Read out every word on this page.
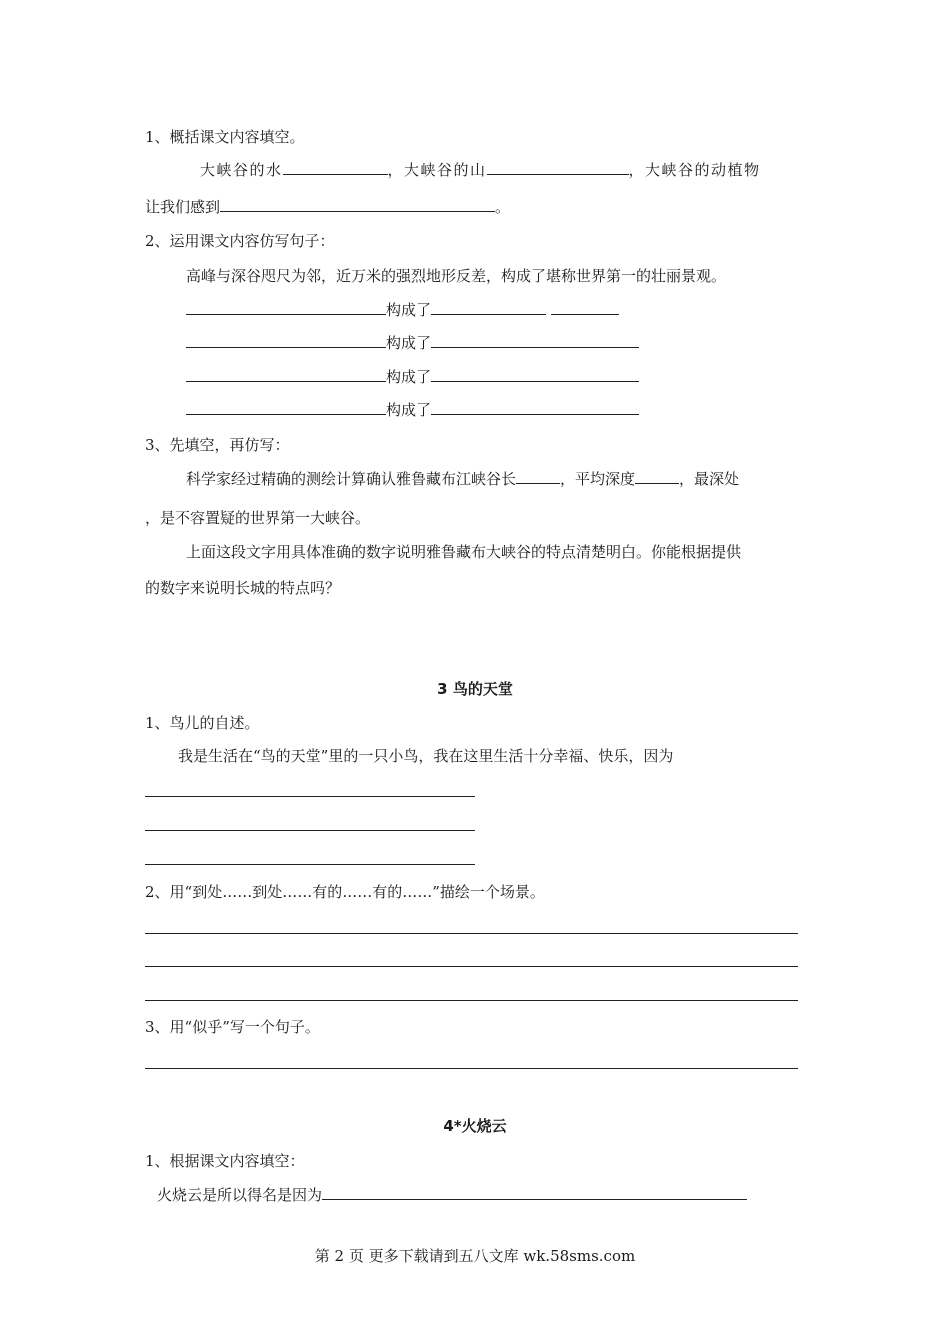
1、概括课文内容填空。
大峡谷的水	，大峡谷的山	，大峡谷的动植物
让我们感到	。
2、运用课文内容仿写句子：
高峰与深谷咫尺为邻，近万米的强烈地形反差，构成了堪称世界第一的壮丽景观。
构成了
构成了
构成了
构成了
3、先填空，再仿写：
科学家经过精确的测绘计算确认雅鲁藏布江峡谷长	，平均深度	，最深处
，是不容置疑的世界第一大峡谷。
上面这段文字用具体准确的数字说明雅鲁藏布大峡谷的特点清楚明白。你能根据提供
的数字来说明长城的特点吗？
3 鸟的天堂
1、鸟儿的自述。
我是生活在“鸟的天堂”里的一只小鸟，我在这里生活十分幸福、快乐，因为
2、用“到处……到处……有的……有的……”描绘一个场景。
3、用“似乎”写一个句子。
4*火烧云
1、根据课文内容填空：
火烧云是所以得名是因为
第 2 页 更多下载请到五八文库 wk.58sms.com
